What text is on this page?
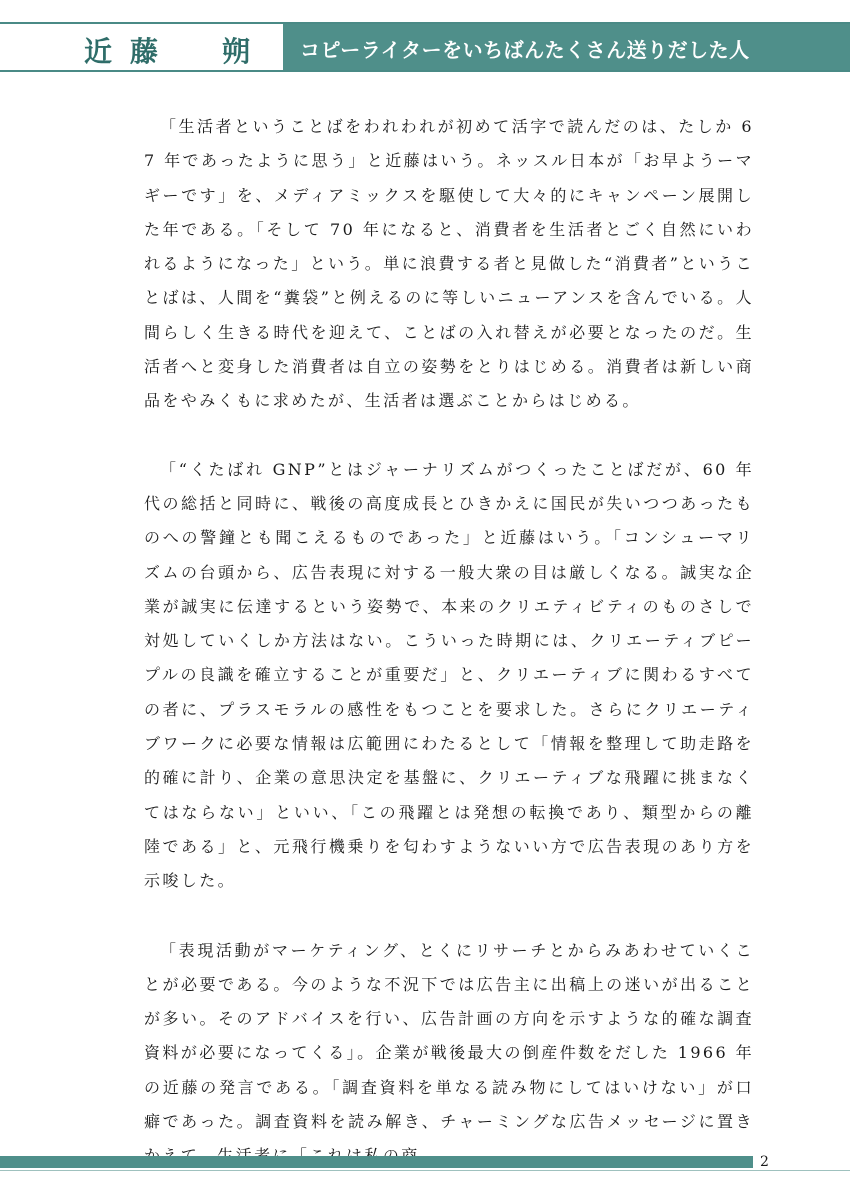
近藤　朔 コピーライターをいちばんたくさん送りだした人

「生活者ということばをわれわれが初めて活字で読んだのは、たしか 67 年であったように思う」と近藤はいう。ネッスル日本が「お早ようーマギーです」を、メディアミックスを駆使して大々的にキャンペーン展開した年である。「そして 70 年になると、消費者を生活者とごく自然にいわれるようになった」という。単に浪費する者と見做した“消費者”ということばは、人間を“糞袋”と例えるのに等しいニューアンスを含んでいる。人間らしく生きる時代を迎えて、ことばの入れ替えが必要となったのだ。生活者へと変身した消費者は自立の姿勢をとりはじめる。消費者は新しい商品をやみくもに求めたが、生活者は選ぶことからはじめる。

「“くたばれ GNP”とはジャーナリズムがつくったことばだが、60 年代の総括と同時に、戦後の高度成長とひきかえに国民が失いつつあったものへの警鐘とも聞こえるものであった」と近藤はいう。「コンシューマリズムの台頭から、広告表現に対する一般大衆の目は厳しくなる。誠実な企業が誠実に伝達するという姿勢で、本来のクリエティビティのものさしで対処していくしか方法はない。こういった時期には、クリエーティブピープルの良識を確立することが重要だ」と、クリエーティブに関わるすべての者に、プラスモラルの感性をもつことを要求した。さらにクリエーティブワークに必要な情報は広範囲にわたるとして「情報を整理して助走路を的確に計り、企業の意思決定を基盤に、クリエーティブな飛躍に挑まなくてはならない」といい、「この飛躍とは発想の転換であり、類型からの離陸である」と、元飛行機乗りを匂わすようないい方で広告表現のあり方を示唆した。

「表現活動がマーケティング、とくにリサーチとからみあわせていくことが必要である。今のような不況下では広告主に出稿上の迷いが出ることが多い。そのアドバイスを行い、広告計画の方向を示すような的確な調査資料が必要になってくる」。企業が戦後最大の倒産件数をだした 1966 年の近藤の発言である。「調査資料を単なる読み物にしてはいけない」が口癖であった。調査資料を読み解き、チャーミングな広告メッセージに置き

2
